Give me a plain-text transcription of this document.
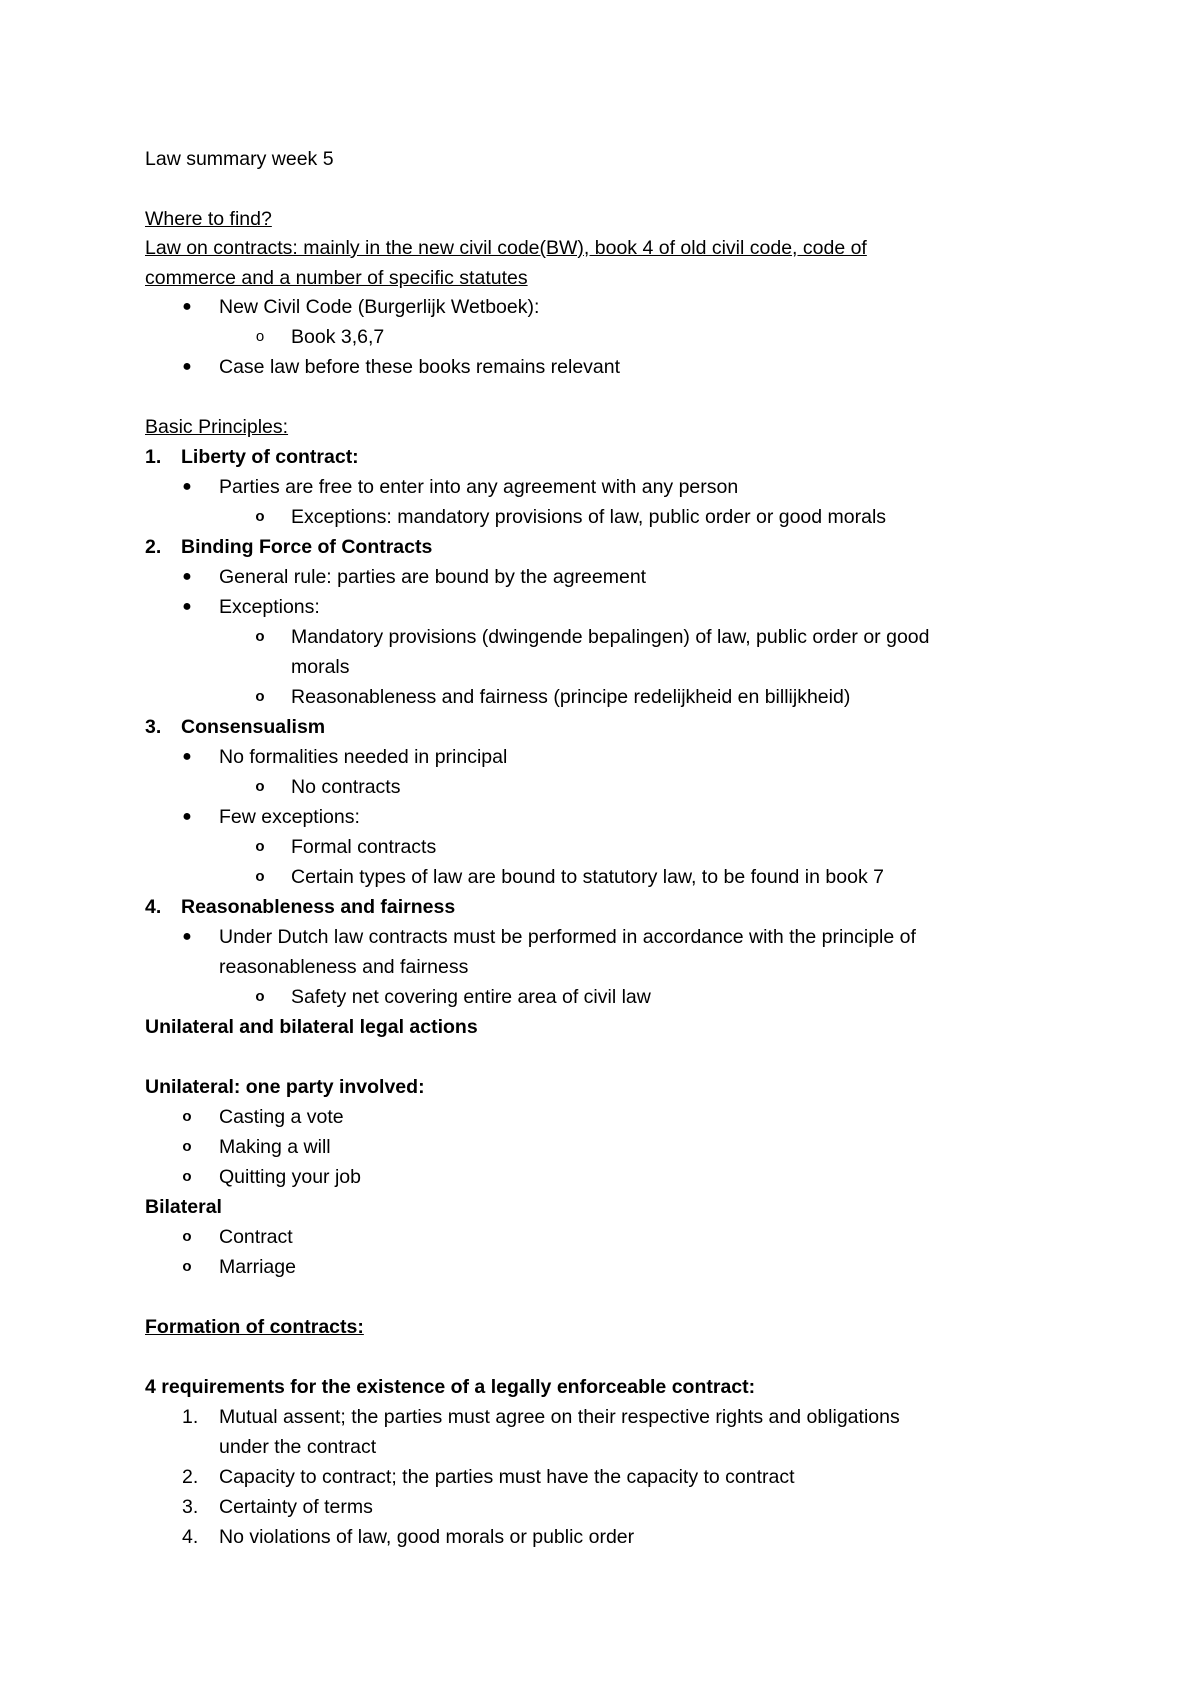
Law summary week 5
Where to find?
Law on contracts: mainly in the new civil code(BW), book 4 of old civil code, code of
commerce and a number of specific statutes
●	New Civil Code (Burgerlijk Wetboek):
o	Book 3,6,7
●	Case law before these books remains relevant
Basic Principles:
1. Liberty of contract:
●	Parties are free to enter into any agreement with any person
o	Exceptions: mandatory provisions of law, public order or good morals
2. Binding Force of Contracts
●	General rule: parties are bound by the agreement
●	Exceptions:
o	Mandatory provisions (dwingende bepalingen) of law, public order or good
morals
o	Reasonableness and fairness (principe redelijkheid en billijkheid)
3. Consensualism
●	No formalities needed in principal
o	No contracts
●	Few exceptions:
o	Formal contracts
o	Certain types of law are bound to statutory law, to be found in book 7
4. Reasonableness and fairness
●	Under Dutch law contracts must be performed in accordance with the principle of
reasonableness and fairness
o	Safety net covering entire area of civil law
Unilateral and bilateral legal actions
Unilateral: one party involved:
o	Casting a vote
o	Making a will
o	Quitting your job
Bilateral
o	Contract
o	Marriage
Formation of contracts:
4 requirements for the existence of a legally enforceable contract:
1. Mutual assent; the parties must agree on their respective rights and obligations
under the contract
2. Capacity to contract; the parties must have the capacity to contract
3. Certainty of terms
4. No violations of law, good morals or public order
